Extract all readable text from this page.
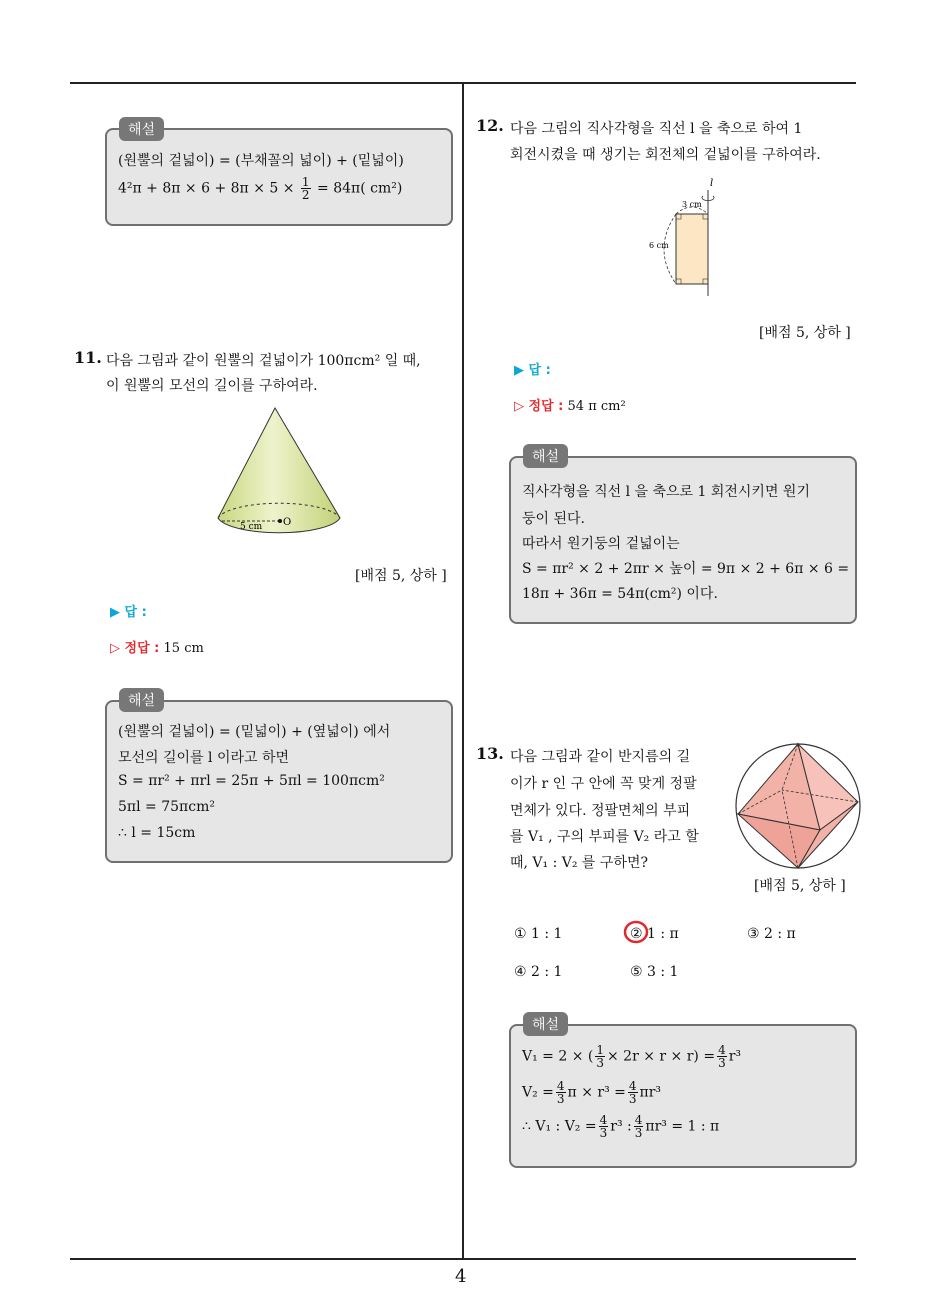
4
해설
(원뿔의 겉넓이) = (부채꼴의 넓이) + (밑넓이)
$4^2\pi + 8\pi \times 6 + 8\pi \times 5 \times \frac{1}{2} = 84\pi$( cm²)
11. 다음 그림과 같이 원뿔의 겉넓이가 100πcm² 일 때,
이 원뿔의 모선의 길이를 구하여라.
5 cm O
[배점 5, 상하 ]
▶ 답 :
▷ 정답 : 15 cm
해설
(원뿔의 겉넓이) = (밑넓이) + (옆넓이) 에서
모선의 길이를 l 이라고 하면
S = πr² + πrl = 25π + 5πl = 100πcm²
5πl = 75πcm²
∴ l = 15cm
12. 다음 그림의 직사각형을 직선 l 을 축으로 하여 1
회전시켰을 때 생기는 회전체의 겉넓이를 구하여라.
l
3 cm
6 cm
[배점 5, 상하 ]
▶ 답 :
▷ 정답 : 54 π cm²
해설
직사각형을 직선 l 을 축으로 1 회전시키면 원기
둥이 된다.
따라서 원기둥의 겉넓이는
S = πr² × 2 + 2πr × 높이 = 9π × 2 + 6π × 6 =
18π + 36π = 54π(cm²) 이다.
13. 다음 그림과 같이 반지름의 길
이가 r 인 구 안에 꼭 맞게 정팔
면체가 있다. 정팔면체의 부피
를 V₁ , 구의 부피를 V₂ 라고 할
때, V₁ : V₂ 를 구하면?
[배점 5, 상하 ]
① 1 : 1	② 1 : π	③ 2 : π
④ 2 : 1	⑤ 3 : 1
해설
V₁ = 2 × ( $\frac{1}{3} \times 2r \times r \times r) = \frac{4}{3} r^3$
$V_2 = \frac{4}{3}$ $\pi \times r^3 = \frac{4}{3} \pi r^3$
∴ V₁ : $V_2 = \frac{4}{3} r^3$ : $\frac{4}{3} \pi r^3 = 1$ : π
